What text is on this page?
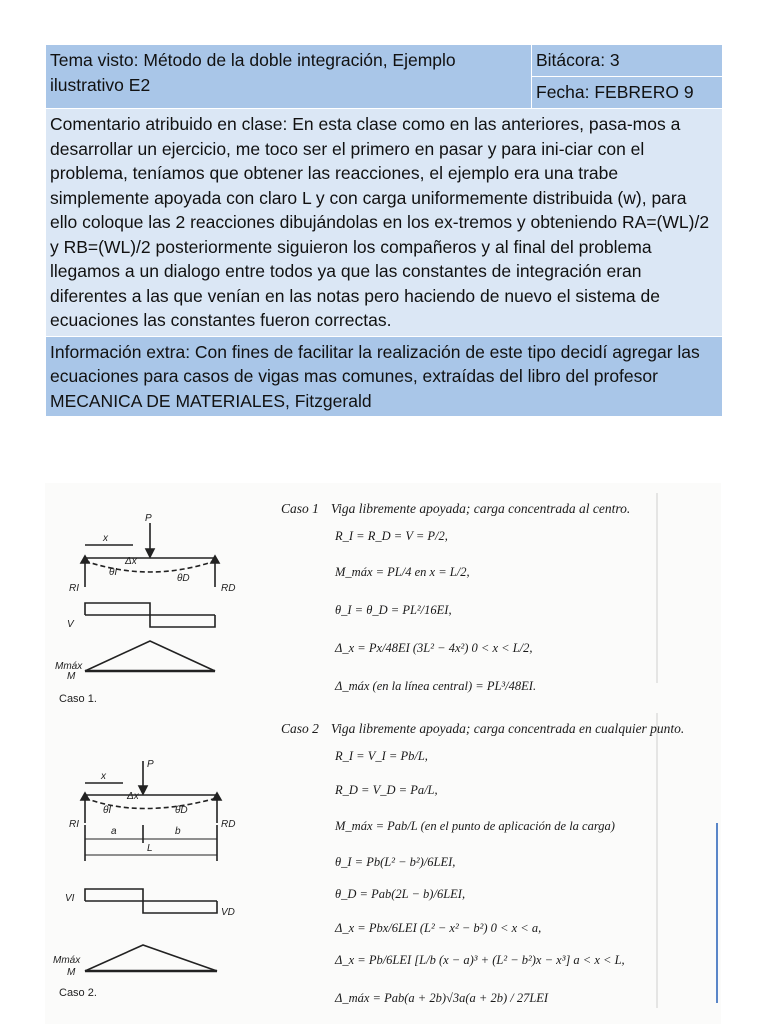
Tema visto: Método de la doble integración, Ejemplo ilustrativo E2	Bitácora: 3
Fecha: FEBRERO 9
Comentario atribuido en clase: En esta clase como en las anteriores, pasa-mos a desarrollar un ejercicio, me toco ser el primero en pasar y para ini-ciar con el problema, teníamos que obtener las reacciones, el ejemplo era una trabe simplemente apoyada con claro L y con carga uniformemente distribuida (w), para ello coloque las 2 reacciones dibujándolas en los ex-tremos y obteniendo RA=(WL)/2 y RB=(WL)/2 posteriormente siguieron los compañeros y al final del problema llegamos a un dialogo entre todos ya que las constantes de integración eran diferentes a las que venían en las notas pero haciendo de nuevo el sistema de ecuaciones las constantes fueron correctas.
Información extra: Con fines de facilitar la realización de este tipo decidí agregar las ecuaciones para casos de vigas mas comunes, extraídas del libro del profesor MECANICA DE MATERIALES, Fitzgerald
P
x
Δx
θI
θD
RI	RD
V
Mmáx
M
Caso 1.
P
x
Δx
θI	θD
RI	RD
a	b
L
VI
VD
Mmáx
M
Caso 2.
Caso 1 Viga libremente apoyada; carga concentrada al centro.
R_I = R_D = V = P/2,
M_máx = PL/4 en x = L/2,
θ_I = θ_D = PL²/16EI,
Δ_x = Px/48EI (3L² − 4x²) 0 < x < L/2,
Δ_máx (en la línea central) = PL³/48EI.
Caso 2 Viga libremente apoyada; carga concentrada en cualquier punto.
R_I = V_I = Pb/L,
R_D = V_D = Pa/L,
M_máx = Pab/L (en el punto de aplicación de la carga)
θ_I = Pb(L² − b²)/6LEI,
θ_D = Pab(2L − b)/6LEI,
Δ_x = Pbx/6LEI (L² − x² − b²) 0 < x < a,
Δ_x = Pb/6LEI [L/b (x − a)³ + (L² − b²)x − x³] a < x < L,
Δ_máx = Pab(a + 2b)√3a(a + 2b) / 27LEI
